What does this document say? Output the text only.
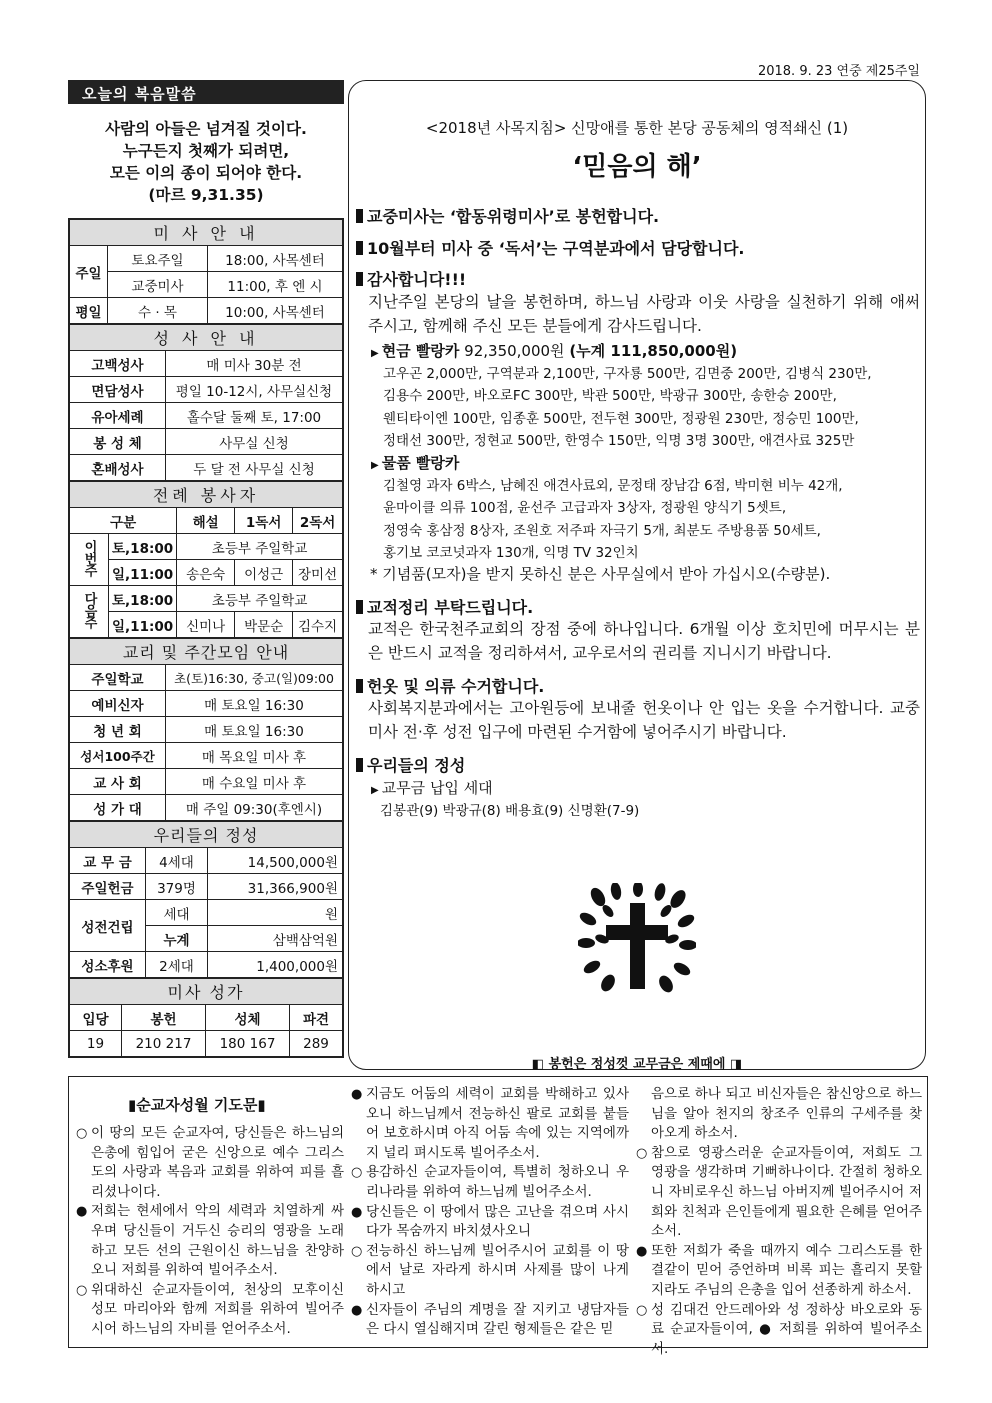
2018. 9. 23 연중 제25주일
오늘의 복음말씀
사람의 아들은 넘겨질 것이다.
누구든지 첫째가 되려면,
모든 이의 종이 되어야 한다.
(마르 9,31.35)
미 사 안 내		
주일	토요주일	18:00, 사목센터
	교중미사	11:00, 후 엔 시
평일	수 · 목	10:00, 사목센터
성 사 안 내	
고백성사	매 미사 30분 전
면담성사	평일 10-12시, 사무실신청
유아세례	홀수달 둘째 토, 17:00
봉 성 체	사무실 신청
혼배성사	두 달 전 사무실 신청
전례 봉사자				
구분		해설	1독서	2독서
이번주	토,18:00	초등부 주일학교		
	일,11:00	송은숙	이성근	장미선
다음주	토,18:00	초등부 주일학교		
	일,11:00	신미나	박문순	김수지
교리 및 주간모임 안내	
주일학교	초(토)16:30, 중고(일)09:00
예비신자	매 토요일 16:30
청 년 회	매 토요일 16:30
성서100주간	매 목요일 미사 후
교 사 회	매 수요일 미사 후
성 가 대	매 주일 09:30(후엔시)
우리들의 정성		
교 무 금	4세대	14,500,000원
주일헌금	379명	31,366,900원
성전건립	세대	원
	누계	삼백삼억원
성소후원	2세대	1,400,000원
미사 성가			
입당	봉헌	성체	파견
19	210 217	180 167	289
<2018년 사목지침> 신망애를 통한 본당 공동체의 영적쇄신 (1)
‘믿음의 해’
교중미사는 ‘합동위령미사’로 봉헌합니다.
10월부터 미사 중 ‘독서’는 구역분과에서 담당합니다.
감사합니다!!!
지난주일 본당의 날을 봉헌하며, 하느님 사랑과 이웃 사랑을 실천하기 위해 애써 주시고, 함께해 주신 모든 분들에게 감사드립니다.
▶ 현금 빨랑카 92,350,000원 (누계 111,850,000원)
고우곤 2,000만, 구역분과 2,100만, 구자룡 500만, 김면중 200만, 김병식 230만,
김용수 200만, 바오로FC 300만, 박관 500만, 박광규 300만, 송한승 200만,
웬티타이엔 100만, 임종훈 500만, 전두현 300만, 정광원 230만, 정승민 100만,
정태선 300만, 정현교 500만, 한영수 150만, 익명 3명 300만, 애견사료 325만
▶ 물품 빨랑카
김철영 과자 6박스, 남혜진 애견사료외, 문정태 장남감 6점, 박미현 비누 42개,
윤마이클 의류 100점, 윤선주 고급과자 3상자, 정광원 양식기 5셋트,
정영숙 홍삼정 8상자, 조원호 저주파 자극기 5개, 최분도 주방용품 50세트,
홍기보 코코넛과자 130개, 익명 TV 32인치
* 기념품(모자)을 받지 못하신 분은 사무실에서 받아 가십시오(수량분).
교적정리 부탁드립니다.
교적은 한국천주교회의 장점 중에 하나입니다. 6개월 이상 호치민에 머무시는 분은 반드시 교적을 정리하셔서, 교우로서의 권리를 지니시기 바랍니다.
헌옷 및 의류 수거합니다.
사회복지분과에서는 고아원등에 보내줄 헌옷이나 안 입는 옷을 수거합니다. 교중 미사 전·후 성전 입구에 마련된 수거함에 넣어주시기 바랍니다.
우리들의 정성
▶ 교무금 납입 세대
김봉관(9) 박광규(8) 배용효(9) 신명환(7-9)
◧ 봉헌은 정성껏 교무금은 제때에 ◨
▮순교자성월 기도문▮
○ 이 땅의 모든 순교자여, 당신들은 하느님의 은총에 힘입어 굳은 신앙으로 예수 그리스도의 사랑과 복음과 교회를 위하여 피를 흘리셨나이다.
● 저희는 현세에서 악의 세력과 치열하게 싸우며 당신들이 거두신 승리의 영광을 노래하고 모든 선의 근원이신 하느님을 찬양하오니 저희를 위하여 빌어주소서.
○ 위대하신 순교자들이여, 천상의 모후이신 성모 마리아와 함께 저희를 위하여 빌어주시어 하느님의 자비를 얻어주소서.
● 지금도 어둠의 세력이 교회를 박해하고 있사오니 하느님께서 전능하신 팔로 교회를 붙들어 보호하시며 아직 어둠 속에 있는 지역에까지 널리 펴시도록 빌어주소서.
○ 용감하신 순교자들이여, 특별히 청하오니 우리나라를 위하여 하느님께 빌어주소서.
● 당신들은 이 땅에서 많은 고난을 겪으며 사시다가 목숨까지 바치셨사오니
○ 전능하신 하느님께 빌어주시어 교회를 이 땅에서 날로 자라게 하시며 사제를 많이 나게 하시고
● 신자들이 주님의 계명을 잘 지키고 냉담자들은 다시 열심해지며 갈린 형제들은 같은 믿
음으로 하나 되고 비신자들은 참신앙으로 하느님을 알아 천지의 창조주 인류의 구세주를 찾아오게 하소서.
○ 참으로 영광스러운 순교자들이여, 저희도 그 영광을 생각하며 기뻐하나이다. 간절히 청하오니 자비로우신 하느님 아버지께 빌어주시어 저희와 친척과 은인들에게 필요한 은혜를 얻어주소서.
● 또한 저희가 죽을 때까지 예수 그리스도를 한결같이 믿어 증언하며 비록 피는 흘리지 못할지라도 주님의 은총을 입어 선종하게 하소서.
○ 성 김대건 안드레아와 성 정하상 바오로와 동료 순교자들이여, ● 저희를 위하여 빌어주소서.
